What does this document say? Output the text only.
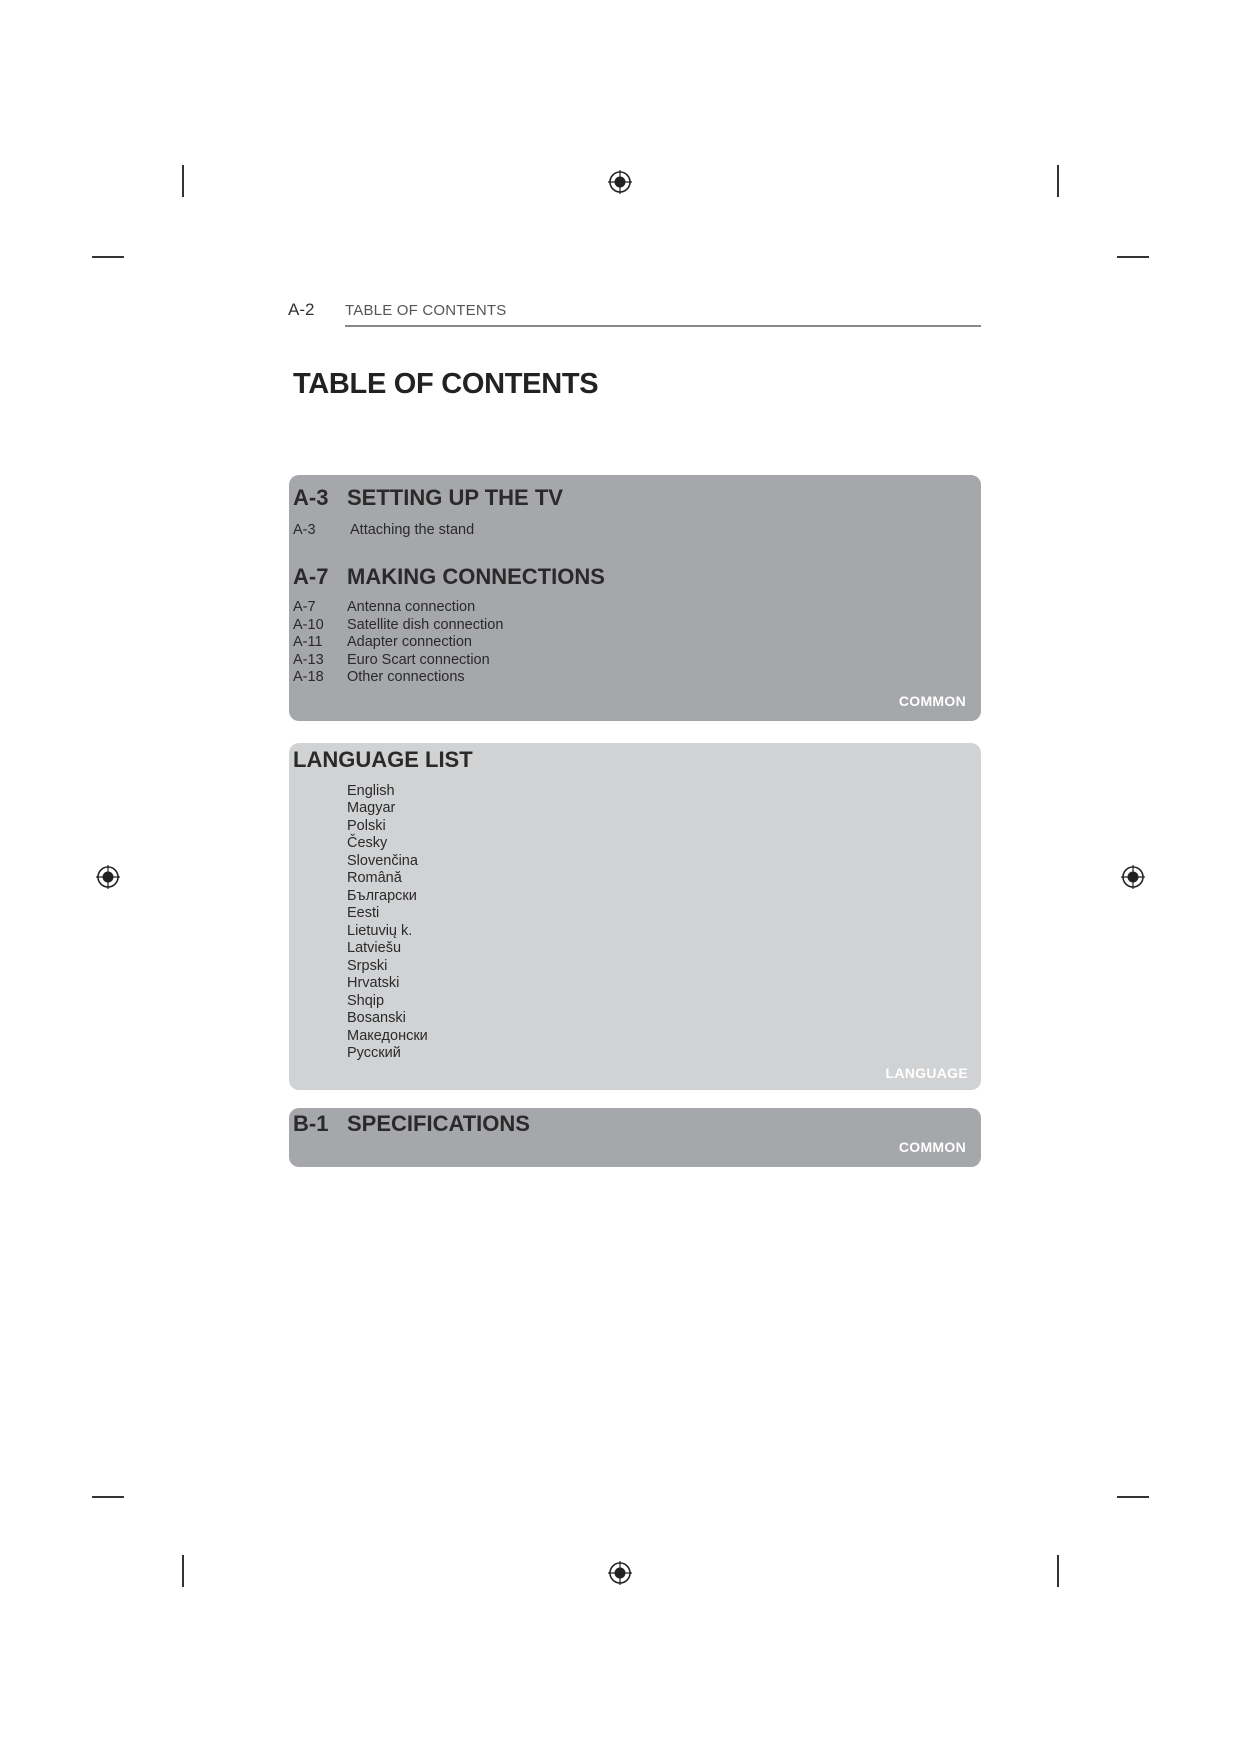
A-2 TABLE OF CONTENTS
TABLE OF CONTENTS
A-3 SETTING UP THE TV
A-3 Attaching the stand
A-7 MAKING CONNECTIONS
A-7 Antenna connection
A-10 Satellite dish connection
A-11 Adapter connection
A-13 Euro Scart connection
A-18 Other connections
COMMON
LANGUAGE LIST
English
Magyar
Polski
Česky
Slovenčina
Română
Български
Eesti
Lietuvių k.
Latviešu
Srpski
Hrvatski
Shqip
Bosanski
Македонски
Русский
LANGUAGE
B-1 SPECIFICATIONS
COMMON
